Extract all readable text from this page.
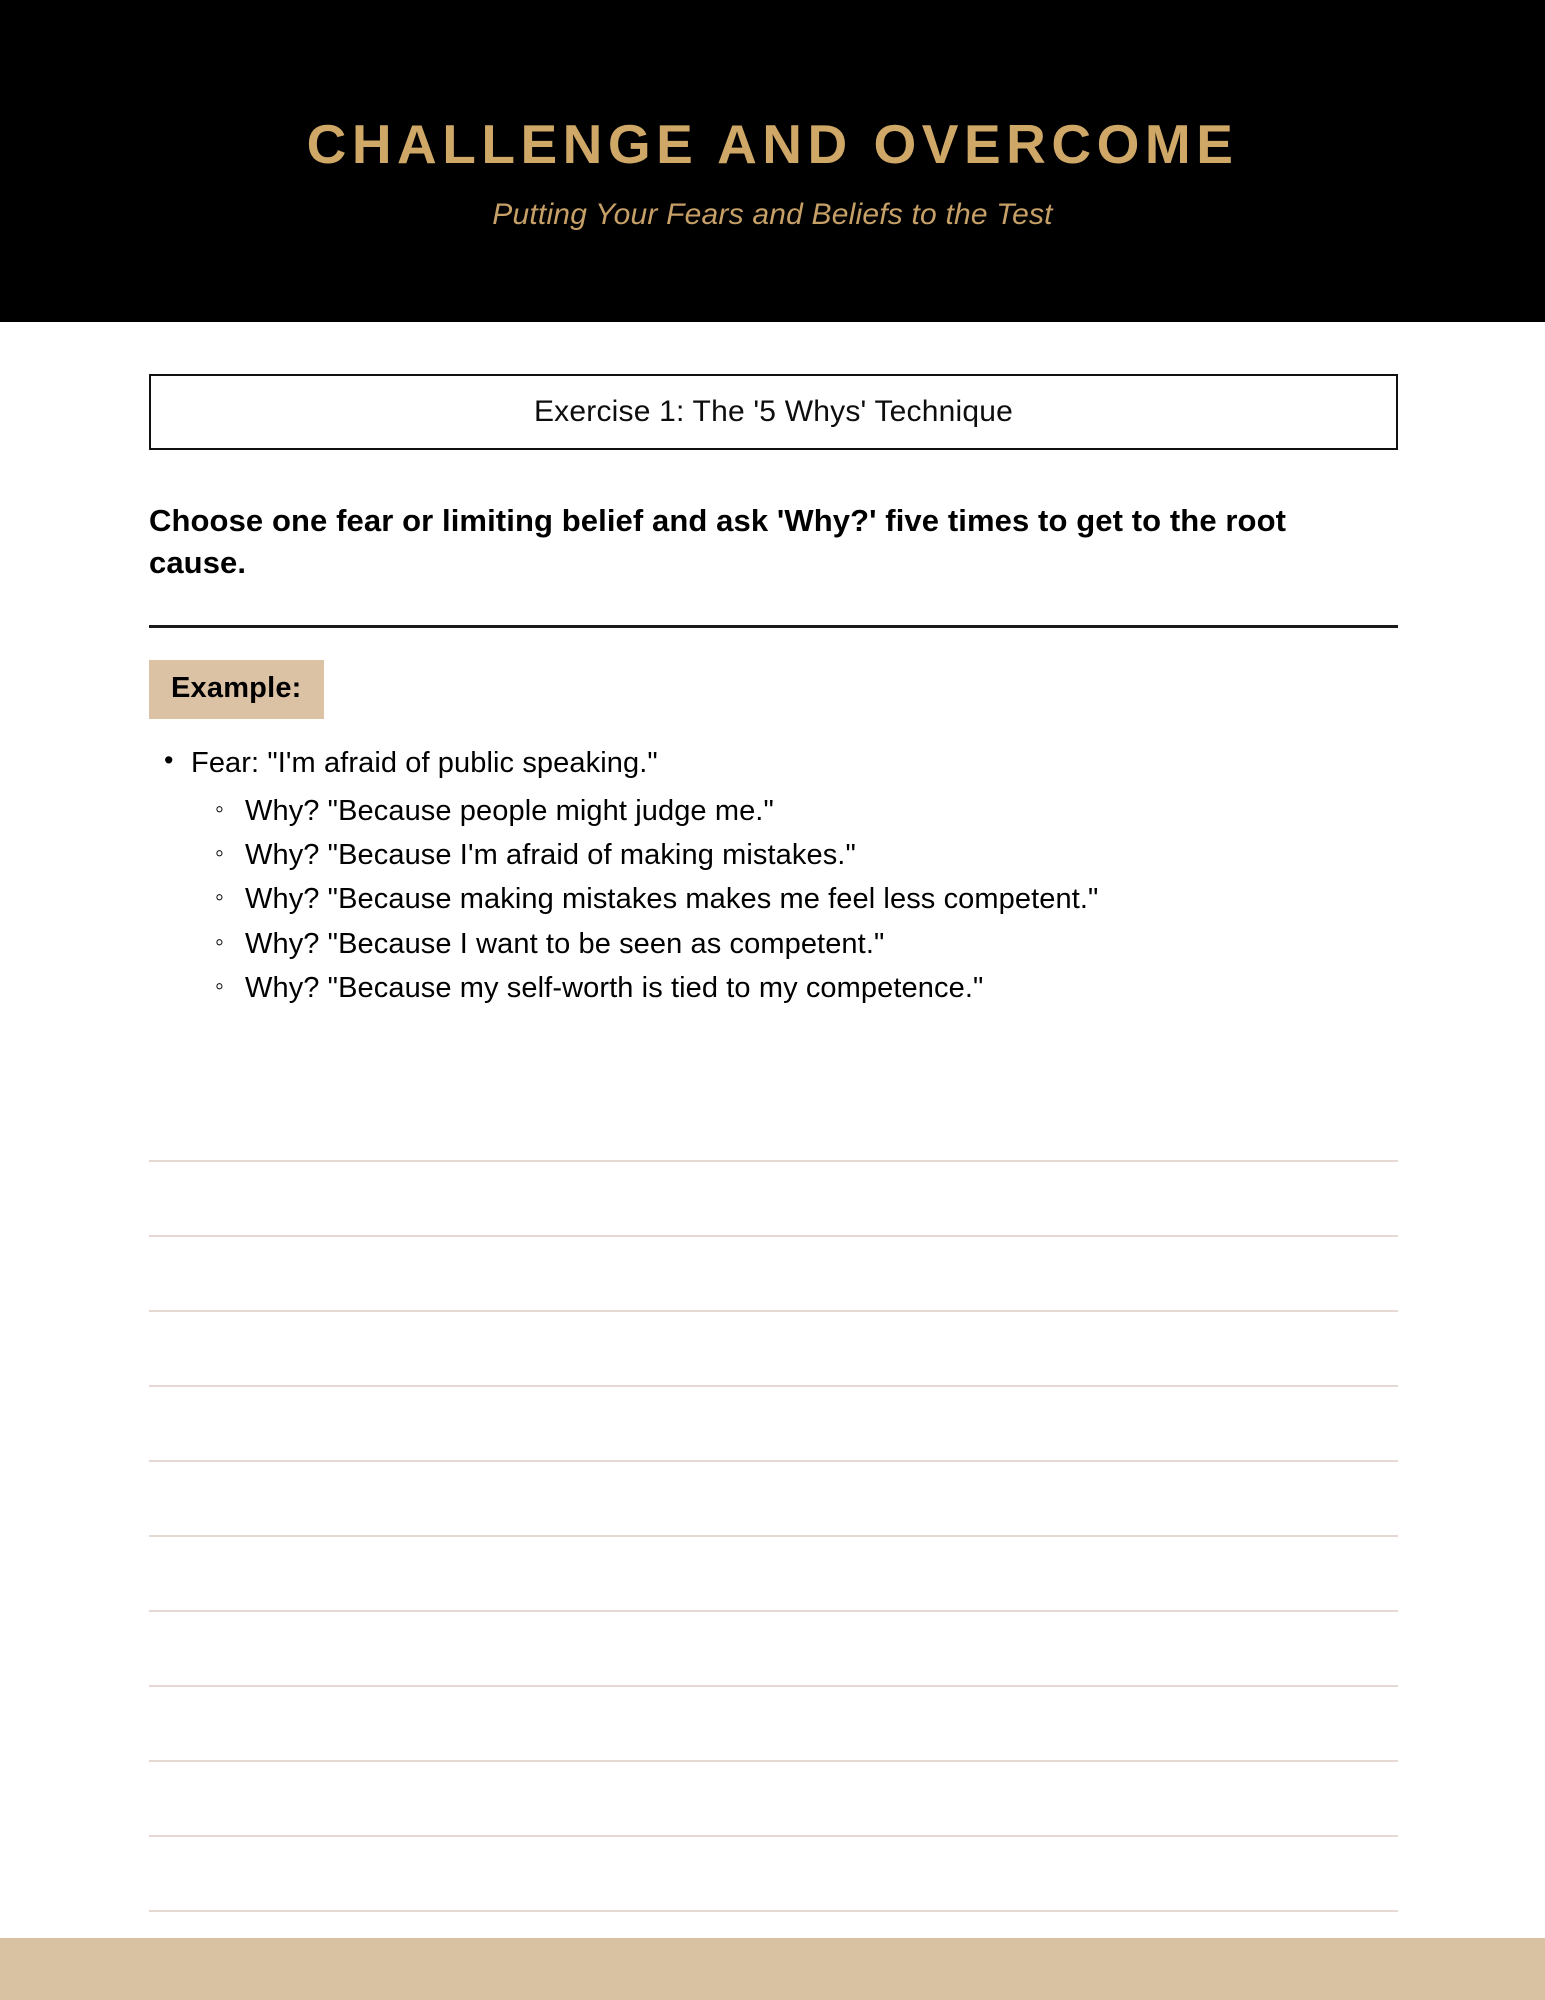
CHALLENGE AND OVERCOME

Putting Your Fears and Beliefs to the Test

Exercise 1: The '5 Whys' Technique

Choose one fear or limiting belief and ask 'Why?' five times to get to the root cause.

Example:
• Fear: "I'm afraid of public speaking."
◦ Why? "Because people might judge me."
◦ Why? "Because I'm afraid of making mistakes."
◦ Why? "Because making mistakes makes me feel less competent."
◦ Why? "Because I want to be seen as competent."
◦ Why? "Because my self-worth is tied to my competence."
